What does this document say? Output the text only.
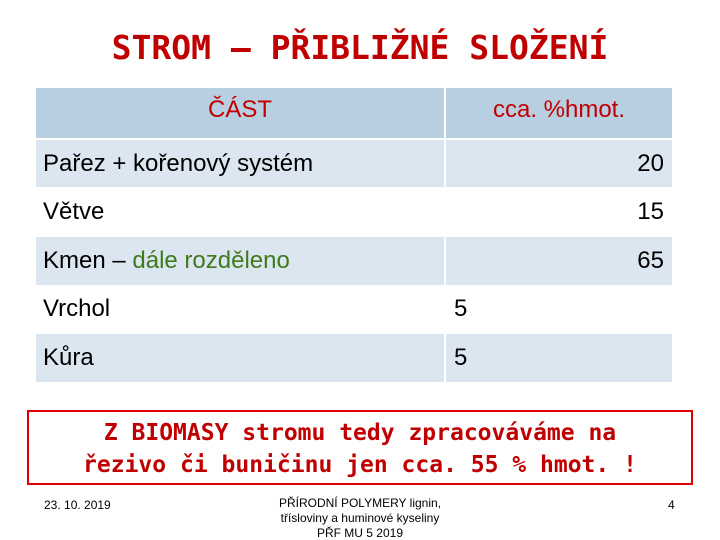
STROM – PŘIBLIŽNÉ SLOŽENÍ
ČÁST	cca. %hmot.
Pařez + kořenový systém	20
Větve	15
Kmen – dále rozděleno	65
Vrchol	5
Kůra	5
Z BIOMASY stromu tedy zpracováváme na
řezivo či buničinu jen cca. 55 % hmot. !
23. 10. 2019	PŘÍRODNÍ POLYMERY lignin,
třísloviny a huminové kyseliny
PŘF MU 5 2019
4
